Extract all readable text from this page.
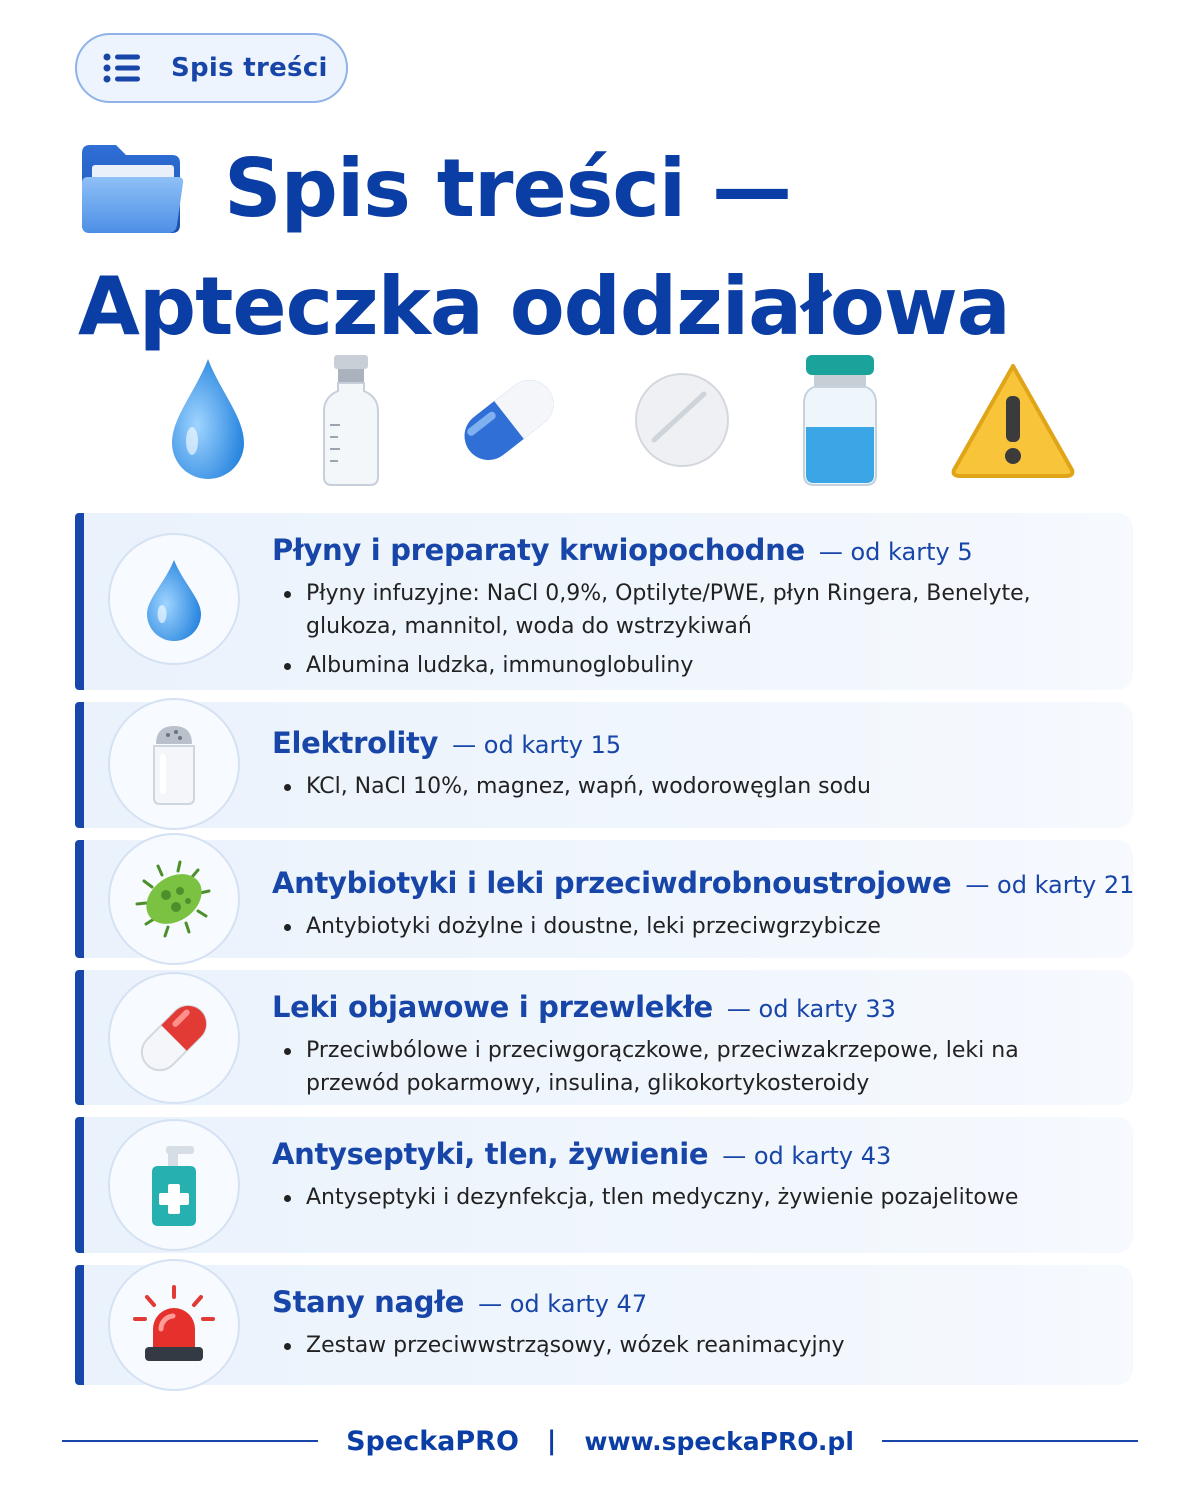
Spis treści
Spis treści —
Apteczka oddziałowa
Płyny i preparaty krwiopochodne — od karty 5
Płyny infuzyjne: NaCl 0,9%, Optilyte/PWE, płyn Ringera, Benelyte, glukoza, mannitol, woda do wstrzykiwań
Albumina ludzka, immunoglobuliny
Elektrolity — od karty 15
KCl, NaCl 10%, magnez, wapń, wodorowęglan sodu
Antybiotyki i leki przeciwdrobnoustrojowe — od karty 21
Antybiotyki dożylne i doustne, leki przeciwgrzybicze
Leki objawowe i przewlekłe — od karty 33
Przeciwbólowe i przeciwgorączkowe, przeciwzakrzepowe, leki na przewód pokarmowy, insulina, glikokortykosteroidy
Antyseptyki, tlen, żywienie — od karty 43
Antyseptyki i dezynfekcja, tlen medyczny, żywienie pozajelitowe
Stany nagłe — od karty 47
Zestaw przeciwwstrząsowy, wózek reanimacyjny
SpeckaPRO | www.speckaPRO.pl
